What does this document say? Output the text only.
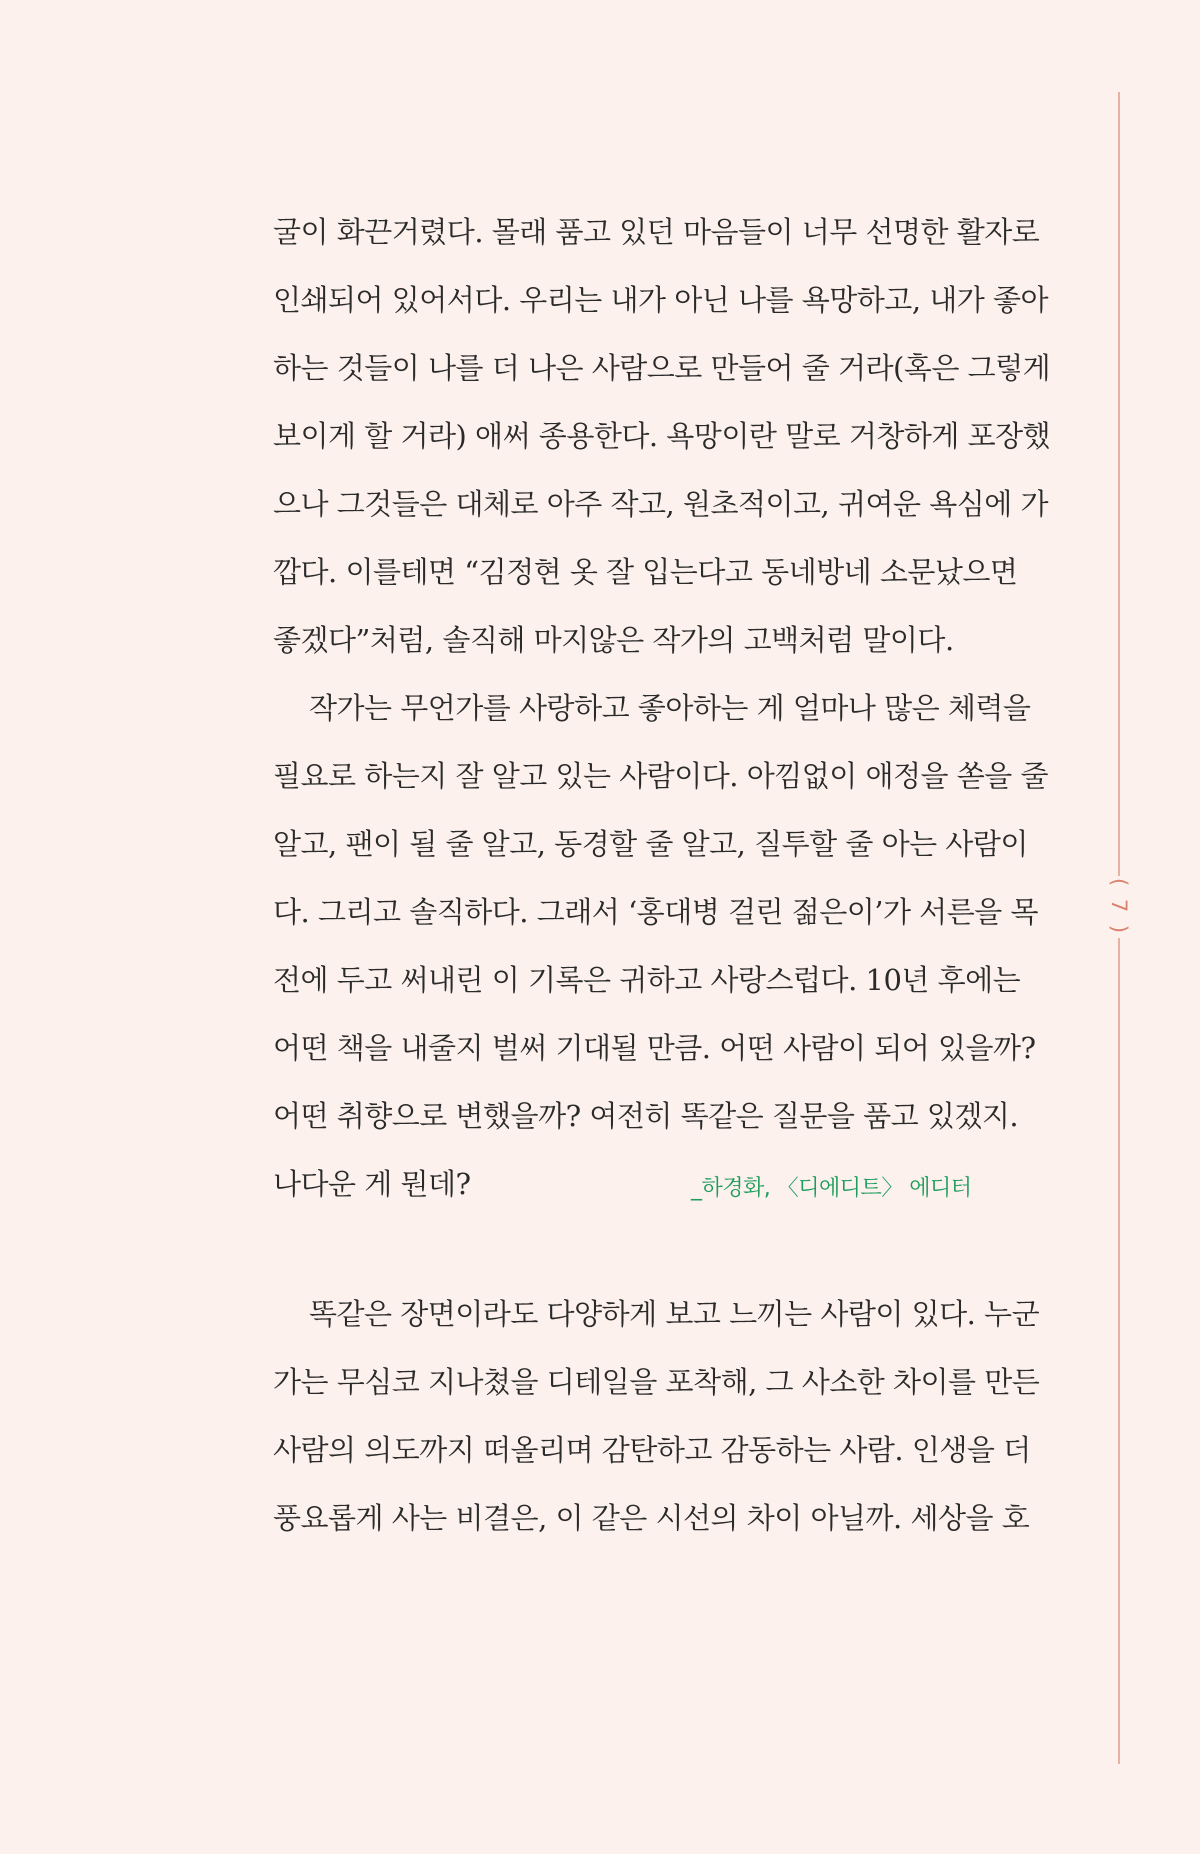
굴이 화끈거렸다. 몰래 품고 있던 마음들이 너무 선명한 활자로
인쇄되어 있어서다. 우리는 내가 아닌 나를 욕망하고, 내가 좋아
하는 것들이 나를 더 나은 사람으로 만들어 줄 거라(혹은 그렇게
보이게 할 거라) 애써 종용한다. 욕망이란 말로 거창하게 포장했
으나 그것들은 대체로 아주 작고, 원초적이고, 귀여운 욕심에 가
깝다. 이를테면 “김정현 옷 잘 입는다고 동네방네 소문났으면
좋겠다”처럼, 솔직해 마지않은 작가의 고백처럼 말이다.
작가는 무언가를 사랑하고 좋아하는 게 얼마나 많은 체력을
필요로 하는지 잘 알고 있는 사람이다. 아낌없이 애정을 쏟을 줄
알고, 팬이 될 줄 알고, 동경할 줄 알고, 질투할 줄 아는 사람이
다. 그리고 솔직하다. 그래서 ‘홍대병 걸린 젊은이’가 서른을 목
전에 두고 써내린 이 기록은 귀하고 사랑스럽다. 10년 후에는
어떤 책을 내줄지 벌써 기대될 만큼. 어떤 사람이 되어 있을까?
어떤 취향으로 변했을까? 여전히 똑같은 질문을 품고 있겠지.
나다운 게 뭔데?	_하경화, 〈디에디트〉 에디터
똑같은 장면이라도 다양하게 보고 느끼는 사람이 있다. 누군
가는 무심코 지나쳤을 디테일을 포착해, 그 사소한 차이를 만든
사람의 의도까지 떠올리며 감탄하고 감동하는 사람. 인생을 더
풍요롭게 사는 비결은, 이 같은 시선의 차이 아닐까. 세상을 호
( 7 )
